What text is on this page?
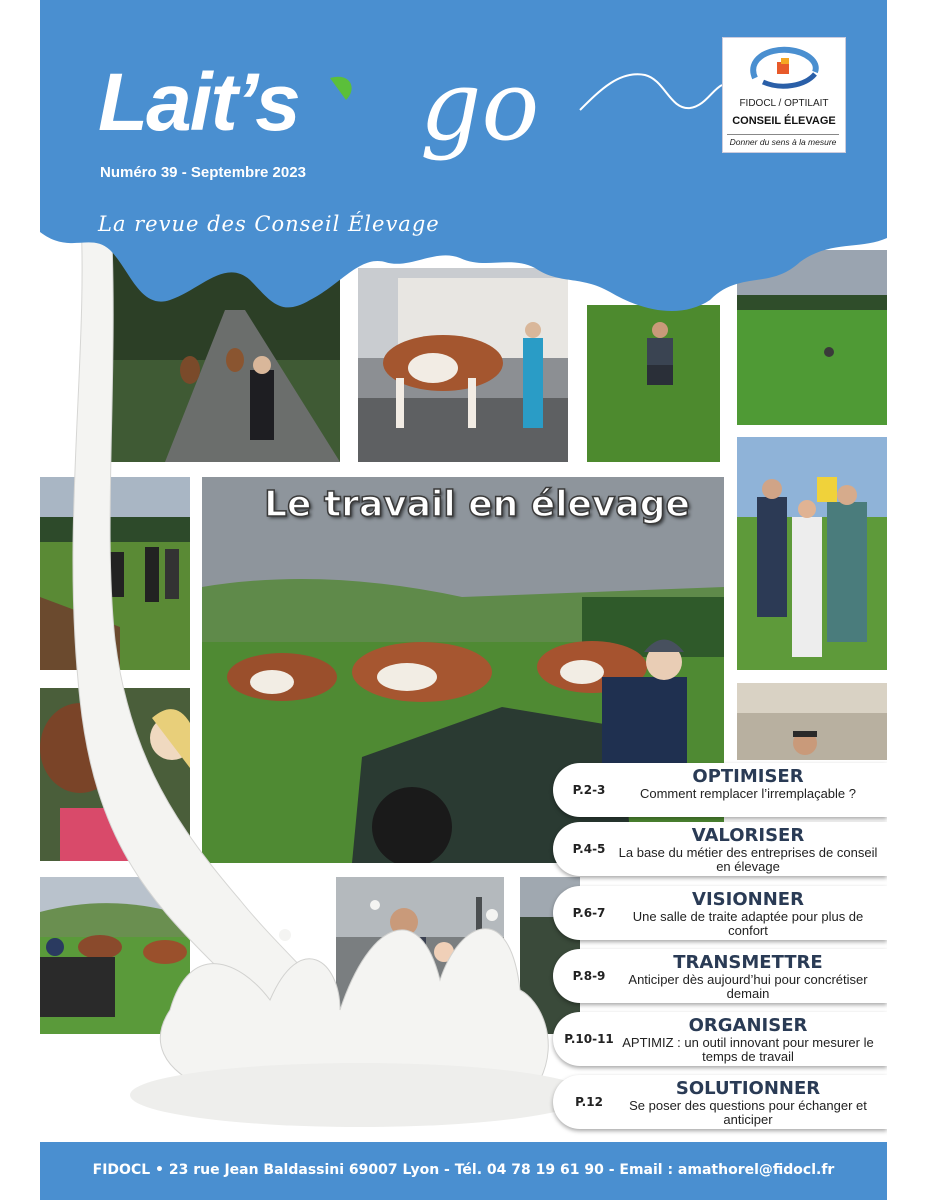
Lait’s go
Numéro 39 - Septembre 2023
La revue des Conseil Élevage
FIDOCL / OPTILAIT
CONSEIL ÉLEVAGE
Donner du sens à la mesure
Le travail en élevage
P.2-3
OPTIMISER
Comment remplacer l’irremplaçable ?
P.4-5
VALORISER
La base du métier des entreprises de conseil en élevage
P.6-7
VISIONNER
Une salle de traite adaptée pour plus de confort
P.8-9
TRANSMETTRE
Anticiper dès aujourd’hui pour concrétiser demain
P.10-11
ORGANISER
APTIMIZ : un outil innovant pour mesurer le temps de travail
P.12
SOLUTIONNER
Se poser des questions pour échanger et anticiper
FIDOCL • 23 rue Jean Baldassini 69007 Lyon - Tél. 04 78 19 61 90 - Email : amathorel@fidocl.fr
